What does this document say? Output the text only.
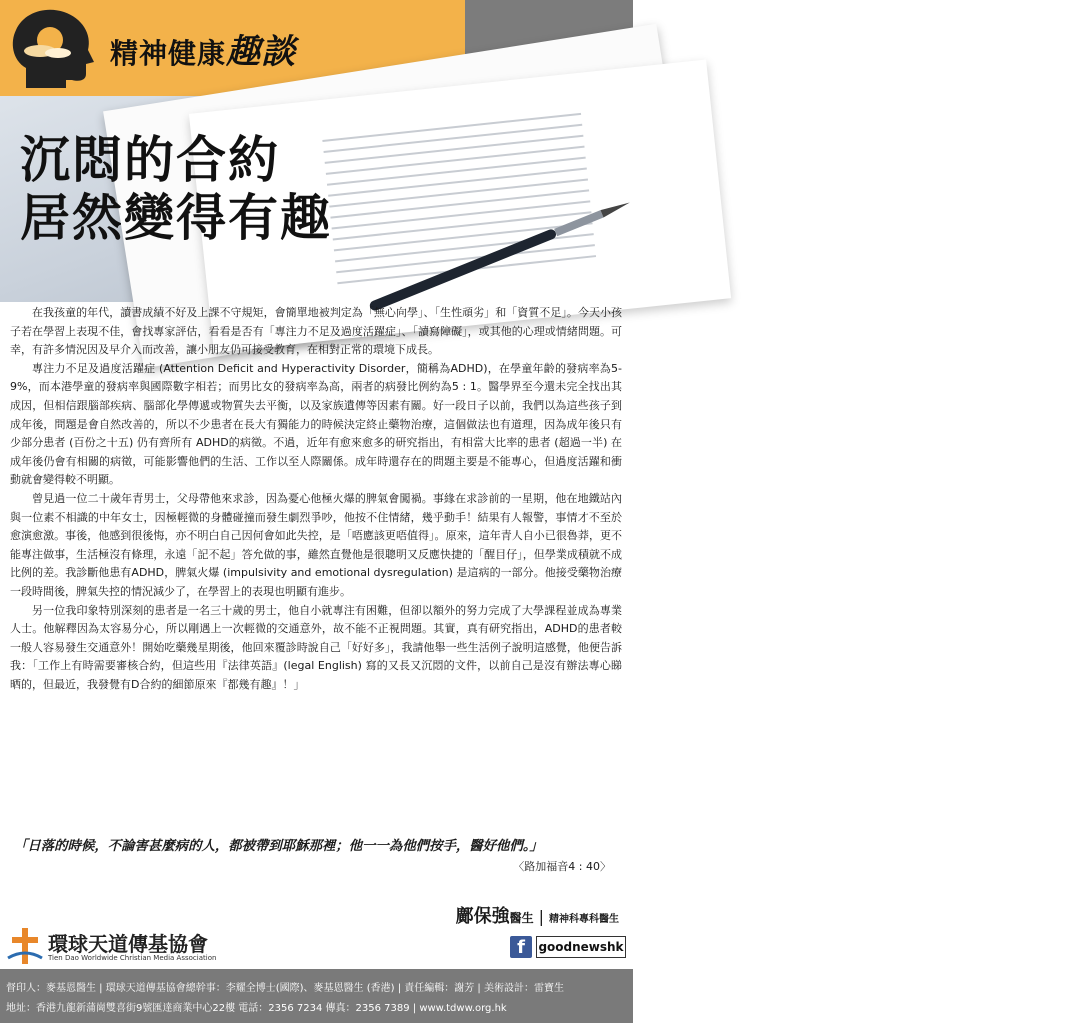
精神健康趣談	談天說道
沉悶的合約
居然變得有趣

在我孩童的年代，讀書成績不好及上課不守規矩，會簡單地被判定為「無心向學」、「生性頑劣」和「資質不足」。今天小孩子若在學習上表現不佳，會找專家評估，看看是否有「專注力不足及過度活躍症」、「讀寫障礙」，或其他的心理或情緒問題。可幸，有許多情況因及早介入而改善，讓小朋友仍可接受教育，在相對正常的環境下成長。

專注力不足及過度活躍症 (Attention Deficit and Hyperactivity Disorder，簡稱為ADHD)，在學童年齡的發病率為5-9%，而本港學童的發病率與國際數字相若；而男比女的發病率為高，兩者的病發比例約為5 : 1。醫學界至今還未完全找出其成因，但相信跟腦部疾病、腦部化學傳遞或物質失去平衡，以及家族遺傳等因素有關。好一段日子以前，我們以為這些孩子到成年後，問題是會自然改善的，所以不少患者在長大有獨能力的時候決定終止藥物治療，這個做法也有道理，因為成年後只有少部分患者 (百份之十五) 仍有齊所有 ADHD的病徵。不過，近年有愈來愈多的研究指出，有相當大比率的患者 (超過一半) 在成年後仍會有相關的病徵，可能影響他們的生活、工作以至人際關係。成年時還存在的問題主要是不能專心，但過度活躍和衝動就會變得較不明顯。

曾見過一位二十歲年青男士，父母帶他來求診，因為憂心他極火爆的脾氣會闖禍。事緣在求診前的一星期，他在地鐵站內與一位素不相識的中年女士，因極輕微的身體碰撞而發生劇烈爭吵，他按不住情緒，幾乎動手！結果有人報警，事情才不至於愈演愈激。事後，他感到很後悔，亦不明白自己因何會如此失控，是「唔應該更唔值得」。原來，這年青人自小已很魯莽，更不能專注做事，生活極沒有條理，永遠「記不起」答允做的事，雖然直覺他是很聰明又反應快捷的「醒目仔」，但學業成積就不成比例的差。我診斷他患有ADHD，脾氣火爆 (impulsivity and emotional dysregulation) 是這病的一部分。他接受藥物治療一段時間後，脾氣失控的情況減少了，在學習上的表現也明顯有進步。

另一位我印象特別深刻的患者是一名三十歲的男士，他自小就專注有困難，但卻以額外的努力完成了大學課程並成為專業人士。他解釋因為太容易分心，所以剛遇上一次輕微的交通意外，故不能不正視問題。其實，真有研究指出，ADHD的患者較一般人容易發生交通意外！開始吃藥幾星期後，他回來覆診時說自己「好好多」，我請他舉一些生活例子說明這感覺，他便告訴我：「工作上有時需要審核合約，但這些用『法律英語』(legal English) 寫的又長又沉悶的文件，以前自己是沒有辦法專心睇晒的，但最近，我發覺有D合約的細節原來『都幾有趣』！」

「日落的時候，不論害甚麼病的人，都被帶到耶穌那裡；他一一為他們按手，醫好他們。」
〈路加福音4 : 40〉
鄺保強醫生 | 精神科專科醫生
環球天道傳基協會
Tien Dao Worldwide Christian Media Association	f	goodnewshk
督印人：麥基恩醫生 | 環球天道傳基協會總幹事：李耀全博士(國際)、麥基恩醫生 (香港) | 責任編輯：謝芳 | 美術設計：雷寶生
地址：香港九龍新蒲崗雙喜街9號匯達商業中心22樓 電話：2356 7234 傳真：2356 7389 | www.tdww.org.hk
